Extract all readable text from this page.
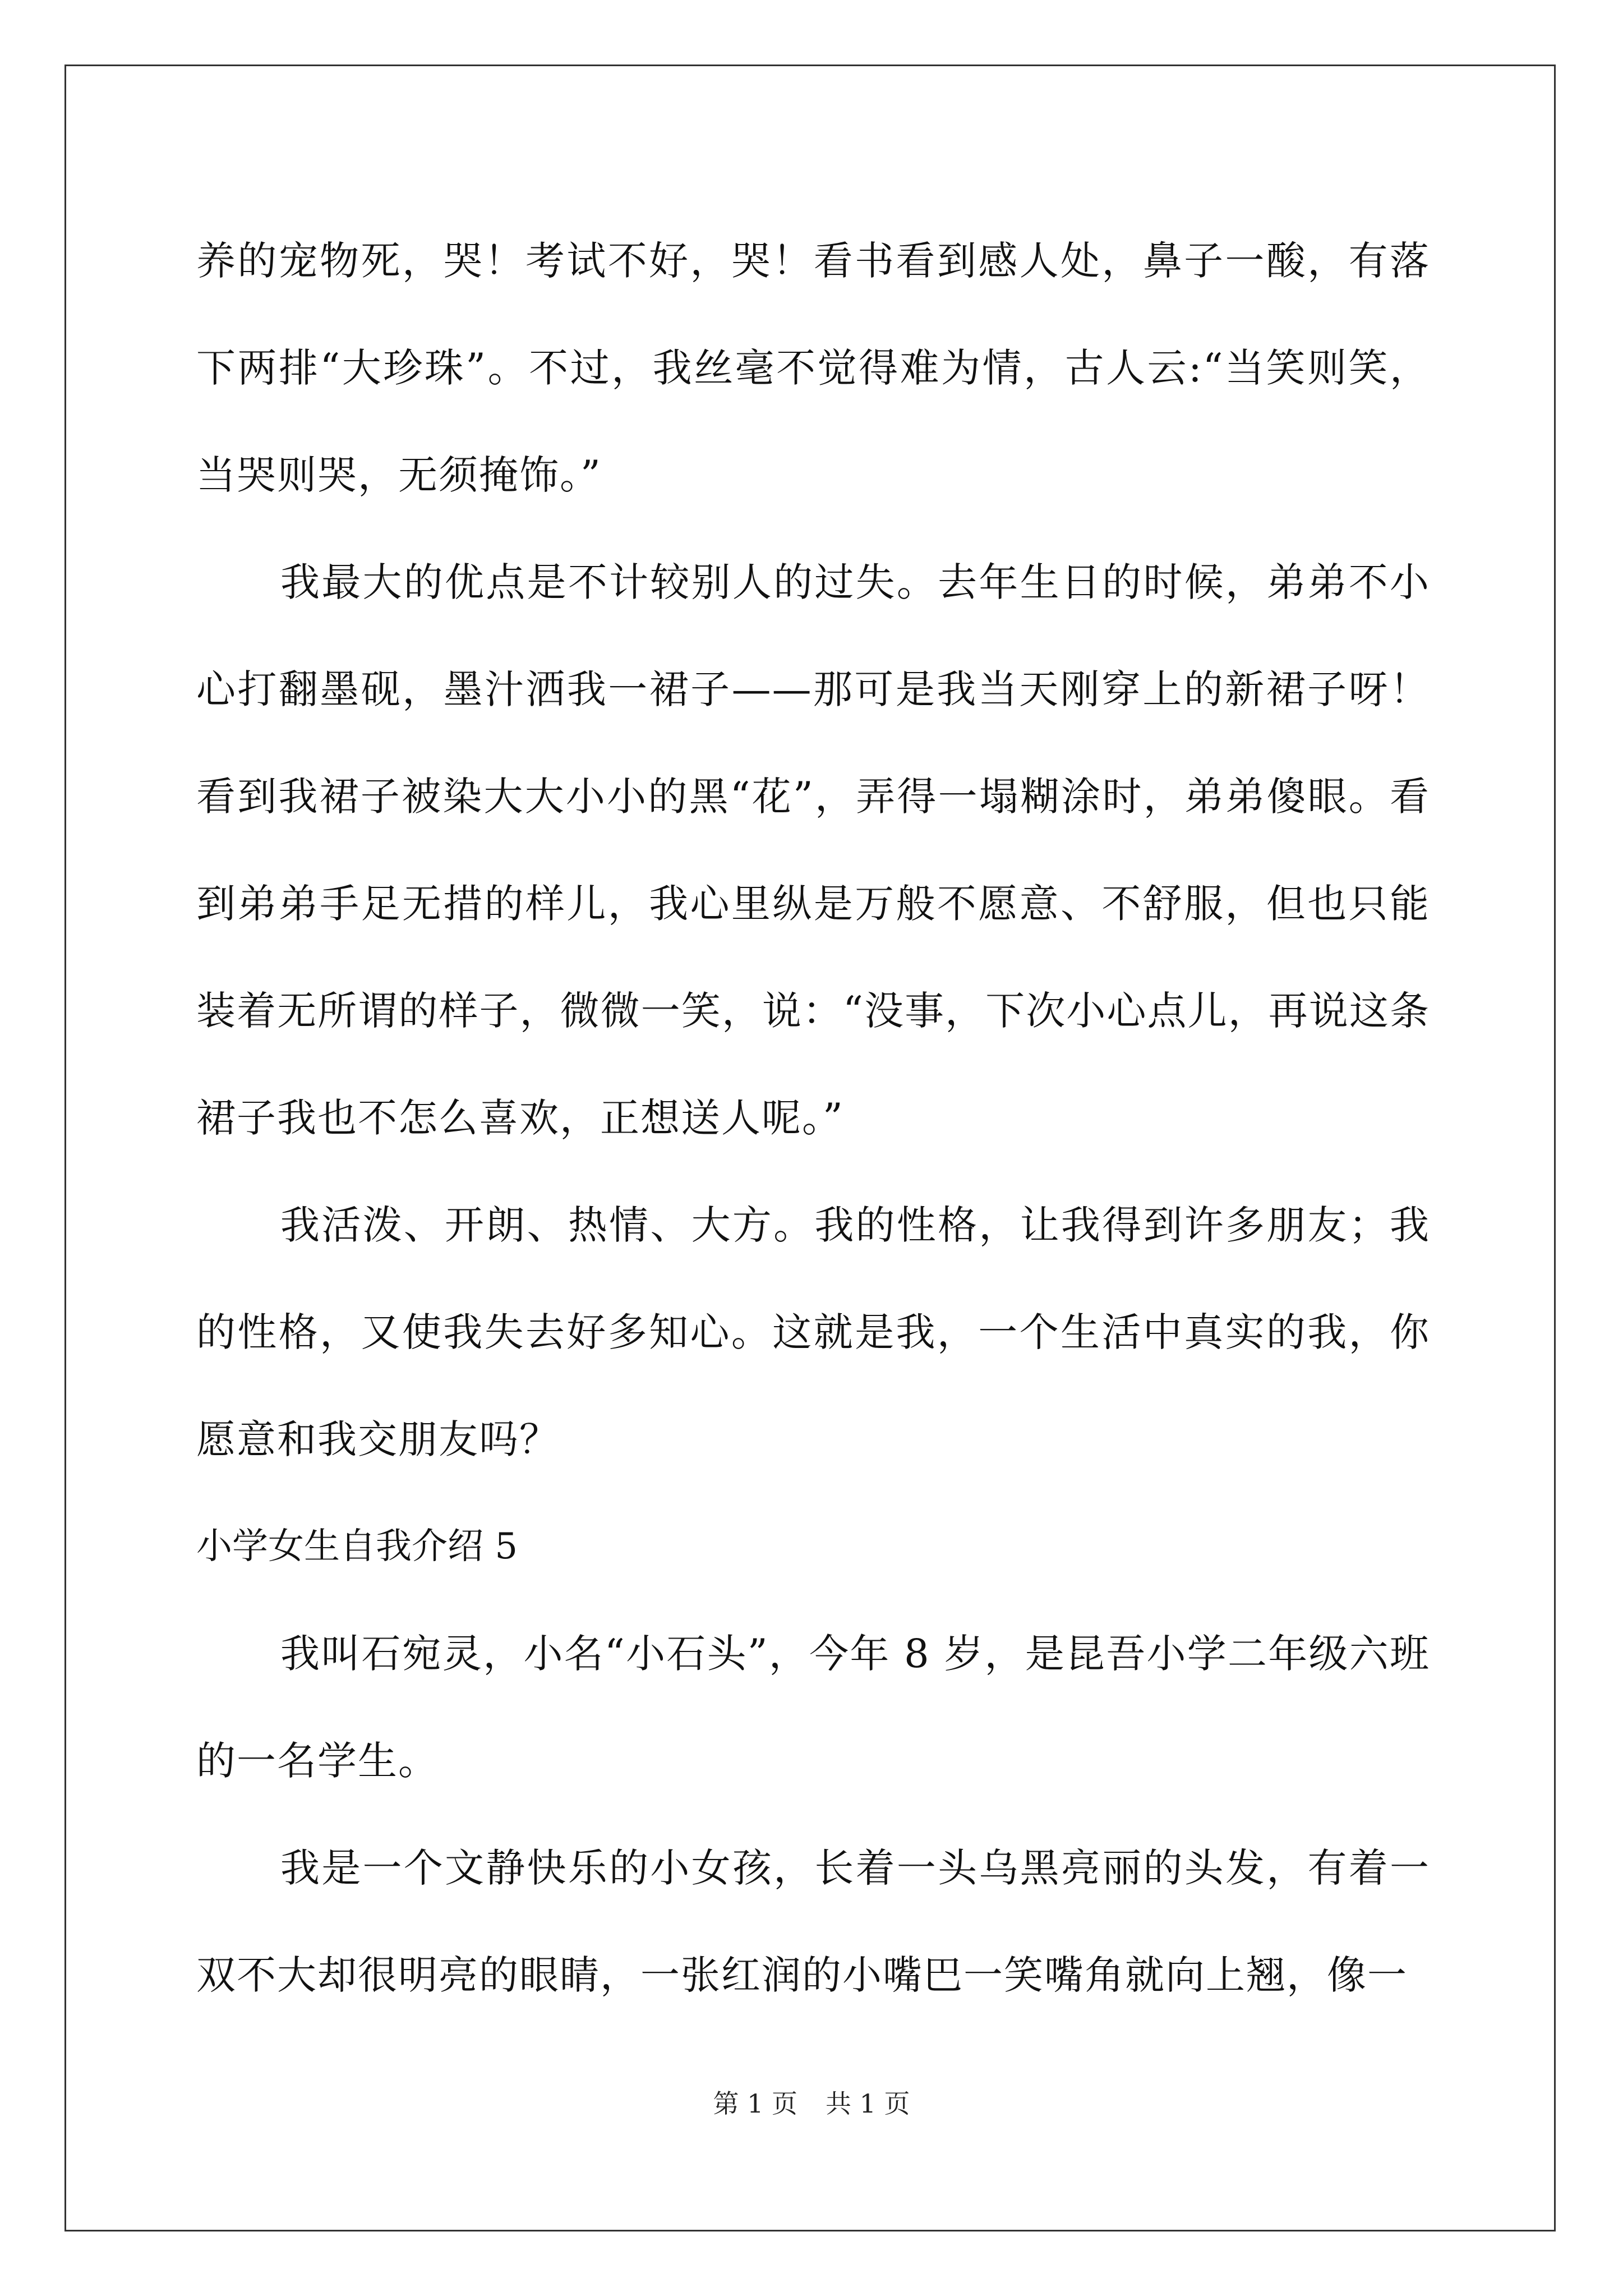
养的宠物死，哭！考试不好，哭！看书看到感人处，鼻子一酸，有落下两排“大珍珠”。不过，我丝毫不觉得难为情，古人云:“当笑则笑，当哭则哭，无须掩饰。”

我最大的优点是不计较别人的过失。去年生日的时候，弟弟不小心打翻墨砚，墨汁洒我一裙子——那可是我当天刚穿上的新裙子呀！看到我裙子被染大大小小的黑“花”，弄得一塌糊涂时，弟弟傻眼。看到弟弟手足无措的样儿，我心里纵是万般不愿意、不舒服，但也只能装着无所谓的样子，微微一笑，说：“没事，下次小心点儿，再说这条裙子我也不怎么喜欢，正想送人呢。”

我活泼、开朗、热情、大方。我的性格，让我得到许多朋友；我的性格，又使我失去好多知心。这就是我，一个生活中真实的我，你愿意和我交朋友吗？

小学女生自我介绍 5

我叫石宛灵，小名“小石头”，今年 8 岁，是昆吾小学二年级六班的一名学生。

我是一个文静快乐的小女孩，长着一头乌黑亮丽的头发，有着一双不大却很明亮的眼睛，一张红润的小嘴巴一笑嘴角就向上翘，像一

第 1 页 共 1 页
